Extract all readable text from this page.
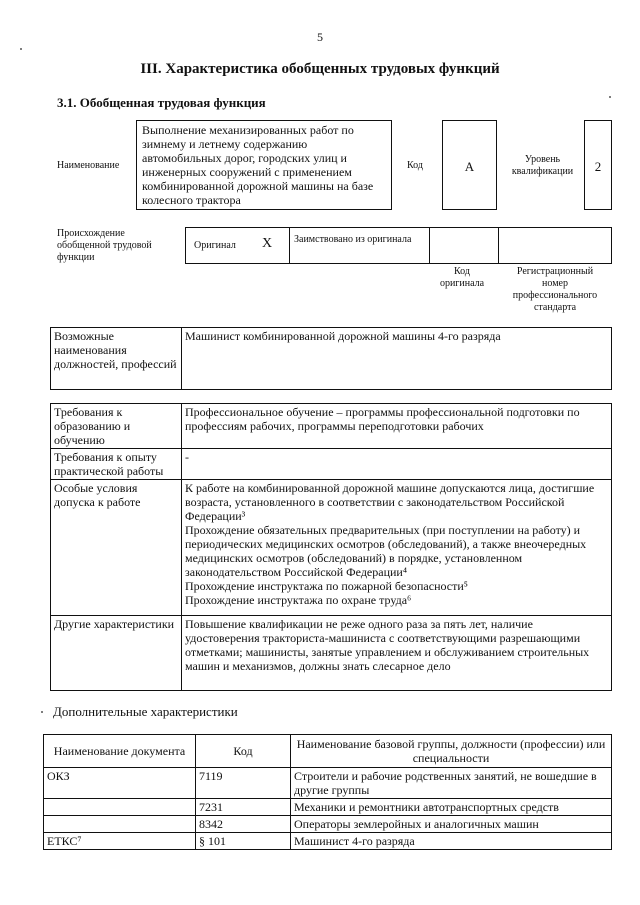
5
III. Характеристика обобщенных трудовых функций
3.1. Обобщенная трудовая функция
Наименование
Выполнение механизированных работ по зимнему и летнему содержанию автомобильных дорог, городских улиц и инженерных сооружений с применением комбинированной дорожной машины на базе колесного трактора
Код	А	Уровень квалификации	2
Происхождение обобщенной трудовой функции
Оригинал Х Заимствовано из оригинала
Код оригинала
Регистрационный номер профессионального стандарта
Возможные наименования должностей, профессий	Машинист комбинированной дорожной машины 4-го разряда
Требования к образованию и обучению	Профессиональное обучение – программы профессиональной подготовки по профессиям рабочих, программы переподготовки рабочих

Требования к опыту практической работы	-

Особые условия допуска к работе	К работе на комбинированной дорожной машине допускаются лица, достигшие возраста, установленного в соответствии с законодательством Российской Федерации³
Прохождение обязательных предварительных (при поступлении на работу) и периодических медицинских осмотров (обследований), а также внеочередных медицинских осмотров (обследований) в порядке, установленном законодательством Российской Федерации⁴
Прохождение инструктажа по пожарной безопасности⁵
Прохождение инструктажа по охране труда⁶

Другие характеристики	Повышение квалификации не реже одного раза за пять лет, наличие удостоверения тракториста-машиниста с соответствующими разрешающими отметками; машинисты, занятые управлением и обслуживанием строительных машин и механизмов, должны знать слесарное дело
Дополнительные характеристики
Наименование документа	Код	Наименование базовой группы, должности (профессии) или специальности
ОКЗ	7119	Строители и рабочие родственных занятий, не вошедшие в другие группы
	7231	Механики и ремонтники автотранспортных средств
	8342	Операторы землеройных и аналогичных машин
ЕТКС⁷	§ 101	Машинист 4-го разряда
